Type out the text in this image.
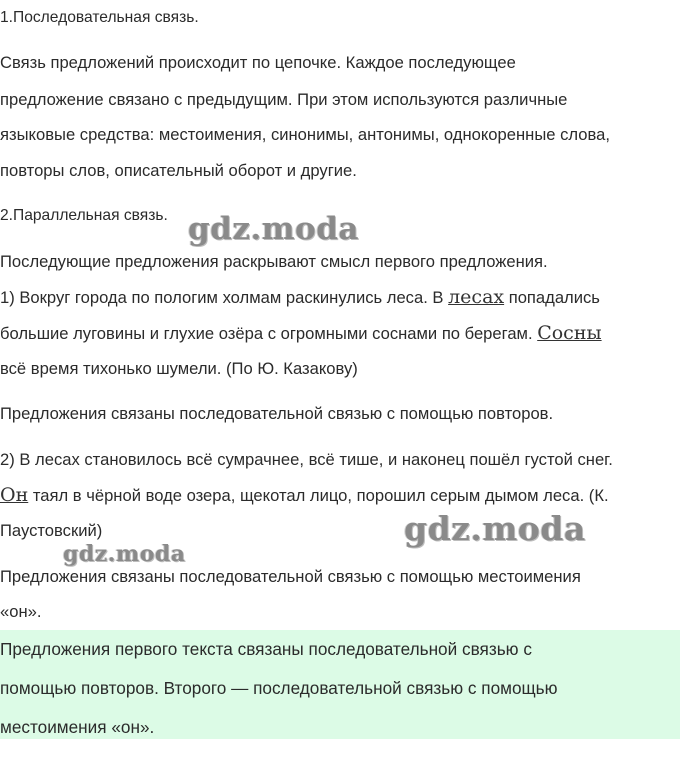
1.Последовательная связь.
Связь предложений происходит по цепочке. Каждое последующее
предложение связано с предыдущим. При этом используются различные
языковые средства: местоимения, синонимы, антонимы, однокоренные слова,
повторы слов, описательный оборот и другие.
2.Параллельная связь.
Последующие предложения раскрывают смысл первого предложения.
1) Вокруг города по пологим холмам раскинулись леса. В лесах попадались
большие луговины и глухие озёра с огромными соснами по берегам. Сосны
всё время тихонько шумели. (По Ю. Казакову)
Предложения связаны последовательной связью с помощью повторов.
2) В лесах становилось всё сумрачнее, всё тише, и наконец пошёл густой снег.
Он таял в чёрной воде озера, щекотал лицо, порошил серым дымом леса. (К.
Паустовский)
Предложения связаны последовательной связью с помощью местоимения
«он».
Предложения первого текста связаны последовательной связью с
помощью повторов. Второго — последовательной связью с помощью
местоимения «он».
gdz.moda
gdz.moda
gdz.moda
